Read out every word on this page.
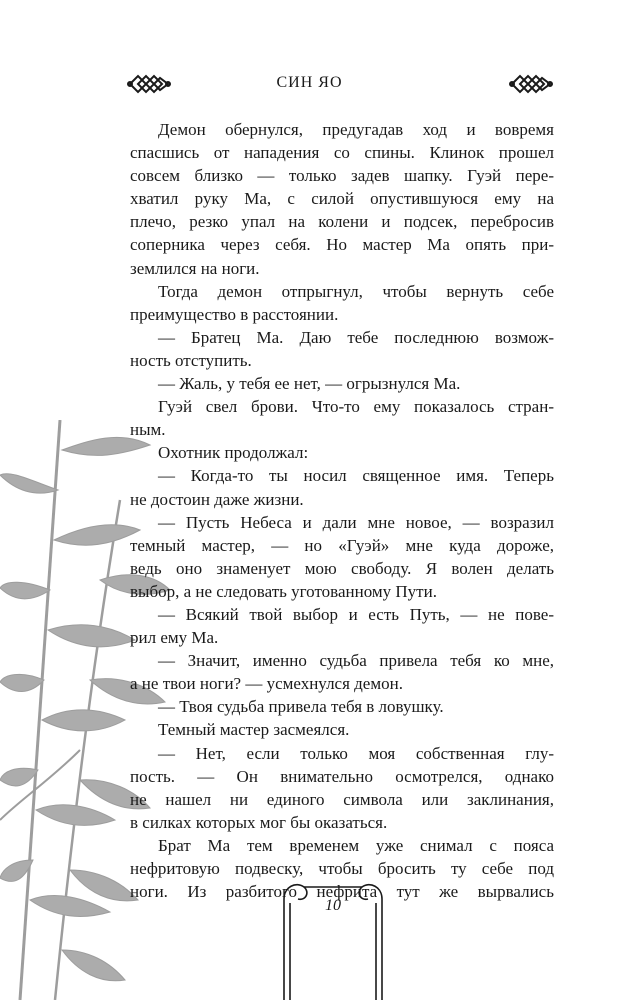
СИН ЯО
Демон обернулся, предугадав ход и вовремя
спасшись от нападения со спины. Клинок прошел
совсем близко — только задев шапку. Гуэй пере-
хватил руку Ма, с силой опустившуюся ему на
плечо, резко упал на колени и подсек, перебросив
соперника через себя. Но мастер Ма опять при-
землился на ноги.
Тогда демон отпрыгнул, чтобы вернуть себе
преимущество в расстоянии.
— Братец Ма. Даю тебе последнюю возмож-
ность отступить.
— Жаль, у тебя ее нет, — огрызнулся Ма.
Гуэй свел брови. Что-то ему показалось стран-
ным.
Охотник продолжал:
— Когда-то ты носил священное имя. Теперь
не достоин даже жизни.
— Пусть Небеса и дали мне новое, — возразил
темный мастер, — но «Гуэй» мне куда дороже,
ведь оно знаменует мою свободу. Я волен делать
выбор, а не следовать уготованному Пути.
— Всякий твой выбор и есть Путь, — не пове-
рил ему Ма.
— Значит, именно судьба привела тебя ко мне,
а не твои ноги? — усмехнулся демон.
— Твоя судьба привела тебя в ловушку.
Темный мастер засмеялся.
— Нет, если только моя собственная глу-
пость. — Он внимательно осмотрелся, однако
не нашел ни единого символа или заклинания,
в силках которых мог бы оказаться.
Брат Ма тем временем уже снимал с пояса
нефритовую подвеску, чтобы бросить ту себе под
ноги. Из разбитого нефрита тут же вырвались
10
